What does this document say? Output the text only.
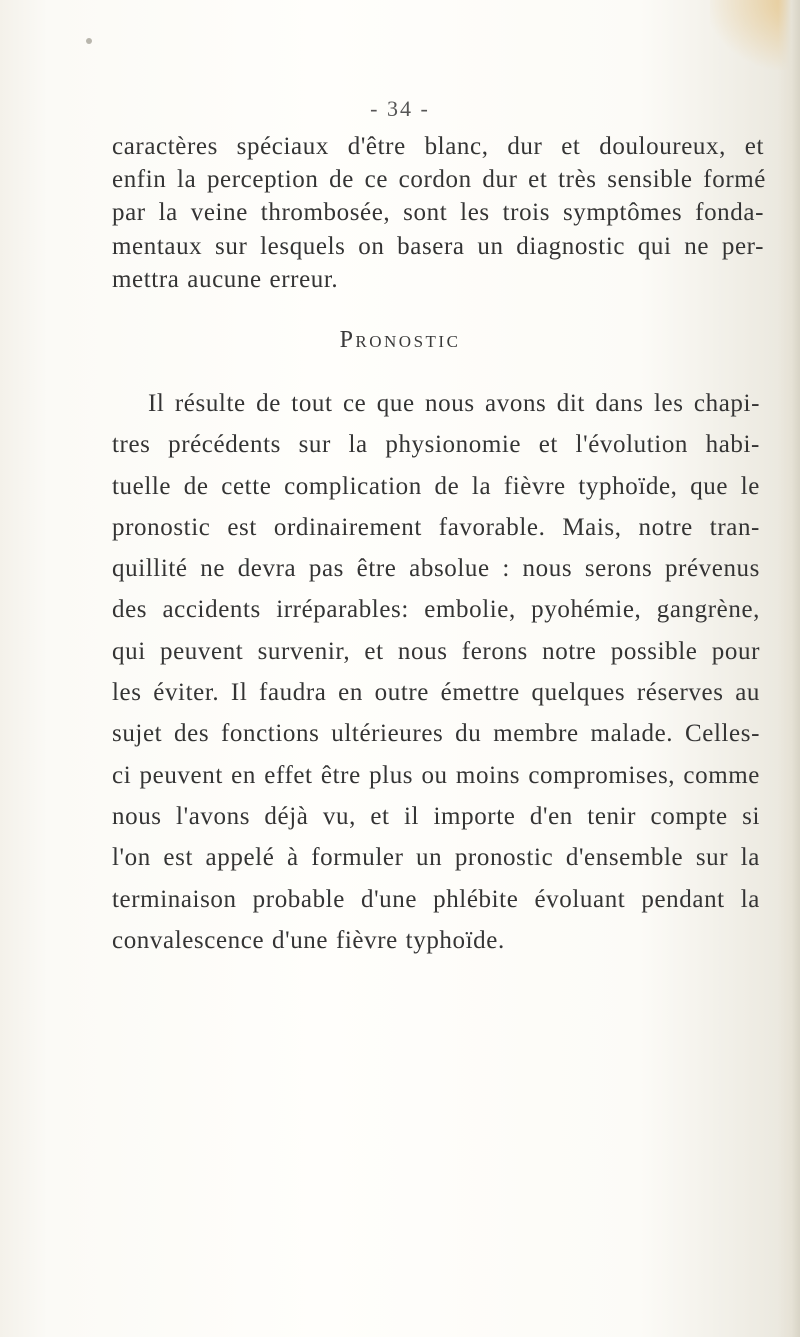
- 34 -
caractères spéciaux d'être blanc, dur et douloureux, et
enfin la perception de ce cordon dur et très sensible formé
par la veine thrombosée, sont les trois symptômes fonda-
mentaux sur lesquels on basera un diagnostic qui ne per-
mettra aucune erreur.
Pronostic
Il résulte de tout ce que nous avons dit dans les chapi-
tres précédents sur la physionomie et l'évolution habi-
tuelle de cette complication de la fièvre typhoïde, que le
pronostic est ordinairement favorable. Mais, notre tran-
quillité ne devra pas être absolue : nous serons prévenus
des accidents irréparables: embolie, pyohémie, gangrène,
qui peuvent survenir, et nous ferons notre possible pour
les éviter. Il faudra en outre émettre quelques réserves au
sujet des fonctions ultérieures du membre malade. Celles-
ci peuvent en effet être plus ou moins compromises, comme
nous l'avons déjà vu, et il importe d'en tenir compte si
l'on est appelé à formuler un pronostic d'ensemble sur la
terminaison probable d'une phlébite évoluant pendant la
convalescence d'une fièvre typhoïde.
